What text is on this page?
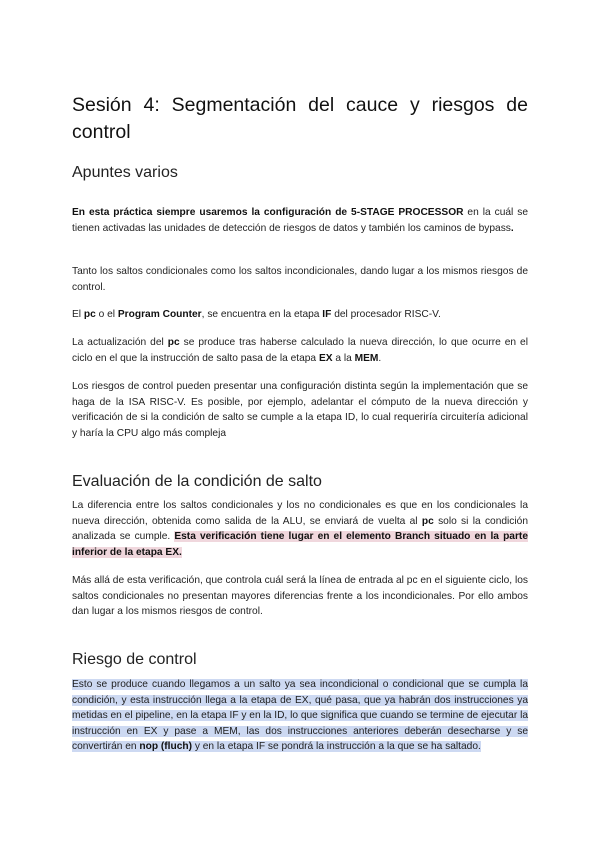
Sesión 4: Segmentación del cauce y riesgos de control
Apuntes varios

En esta práctica siempre usaremos la configuración de 5-STAGE PROCESSOR en la cuál se tienen activadas las unidades de detección de riesgos de datos y también los caminos de bypass.

Tanto los saltos condicionales como los saltos incondicionales, dando lugar a los mismos riesgos de control.

El pc o el Program Counter, se encuentra en la etapa IF del procesador RISC-V.

La actualización del pc se produce tras haberse calculado la nueva dirección, lo que ocurre en el ciclo en el que la instrucción de salto pasa de la etapa EX a la MEM.

Los riesgos de control pueden presentar una configuración distinta según la implementación que se haga de la ISA RISC-V. Es posible, por ejemplo, adelantar el cómputo de la nueva dirección y verificación de si la condición de salto se cumple a la etapa ID, lo cual requeriría circuitería adicional y haría la CPU algo más compleja

Evaluación de la condición de salto

La diferencia entre los saltos condicionales y los no condicionales es que en los condicionales la nueva dirección, obtenida como salida de la ALU, se enviará de vuelta al pc solo si la condición analizada se cumple. Esta verificación tiene lugar en el elemento Branch situado en la parte inferior de la etapa EX.

Más allá de esta verificación, que controla cuál será la línea de entrada al pc en el siguiente ciclo, los saltos condicionales no presentan mayores diferencias frente a los incondicionales. Por ello ambos dan lugar a los mismos riesgos de control.

Riesgo de control

Esto se produce cuando llegamos a un salto ya sea incondicional o condicional que se cumpla la condición, y esta instrucción llega a la etapa de EX, qué pasa, que ya habrán dos instrucciones ya metidas en el pipeline, en la etapa IF y en la ID, lo que significa que cuando se termine de ejecutar la instrucción en EX y pase a MEM, las dos instrucciones anteriores deberán desecharse y se convertirán en nop (fluch) y en la etapa IF se pondrá la instrucción a la que se ha saltado.
